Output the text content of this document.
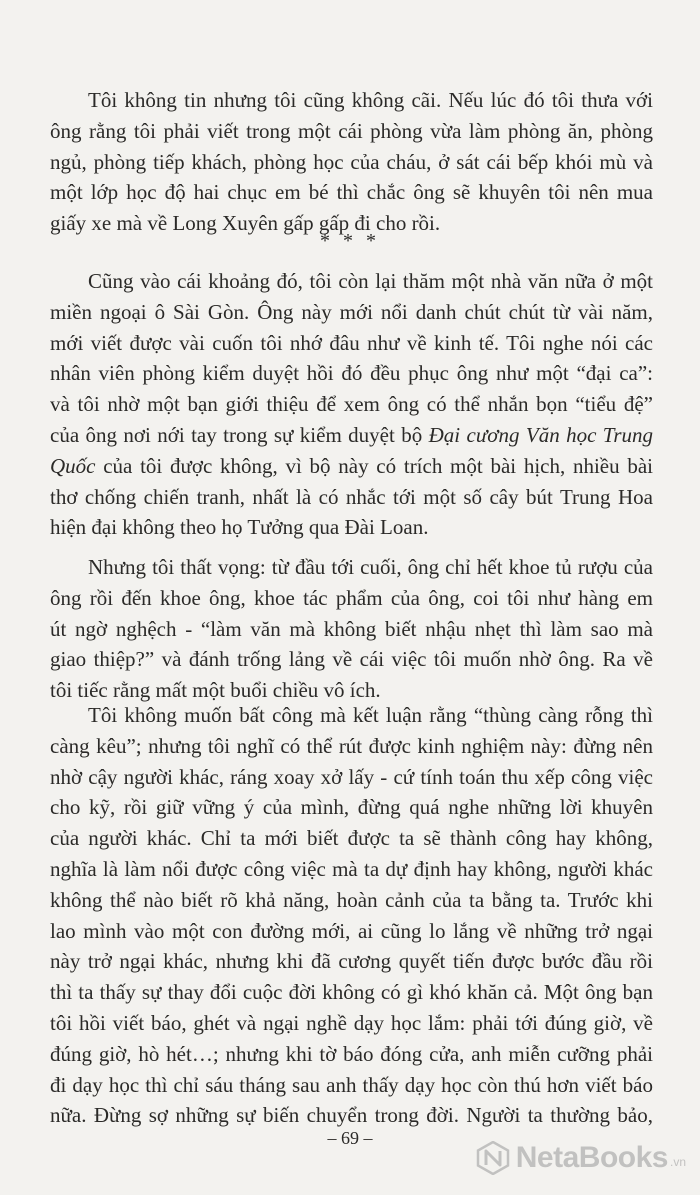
Tôi không tin nhưng tôi cũng không cãi. Nếu lúc đó tôi thưa với
ông rằng tôi phải viết trong một cái phòng vừa làm phòng ăn, phòng
ngủ, phòng tiếp khách, phòng học của cháu, ở sát cái bếp khói mù và
một lớp học độ hai chục em bé thì chắc ông sẽ khuyên tôi nên mua
giấy xe mà về Long Xuyên gấp gấp đi cho rồi.
* * *
Cũng vào cái khoảng đó, tôi còn lại thăm một nhà văn nữa ở một
miền ngoại ô Sài Gòn. Ông này mới nổi danh chút chút từ vài năm,
mới viết được vài cuốn tôi nhớ đâu như về kinh tế. Tôi nghe nói các
nhân viên phòng kiểm duyệt hồi đó đều phục ông như một “đại ca”:
và tôi nhờ một bạn giới thiệu để xem ông có thể nhắn bọn “tiểu đệ”
của ông nơi nới tay trong sự kiểm duyệt bộ Đại cương Văn học Trung
Quốc của tôi được không, vì bộ này có trích một bài hịch, nhiều bài
thơ chống chiến tranh, nhất là có nhắc tới một số cây bút Trung Hoa
hiện đại không theo họ Tưởng qua Đài Loan.
Nhưng tôi thất vọng: từ đầu tới cuối, ông chỉ hết khoe tủ rượu của
ông rồi đến khoe ông, khoe tác phẩm của ông, coi tôi như hàng em
út ngờ nghệch - “làm văn mà không biết nhậu nhẹt thì làm sao mà
giao thiệp?” và đánh trống lảng về cái việc tôi muốn nhờ ông. Ra về
tôi tiếc rằng mất một buổi chiều vô ích.
Tôi không muốn bất công mà kết luận rằng “thùng càng rỗng thì
càng kêu”; nhưng tôi nghĩ có thể rút được kinh nghiệm này: đừng nên
nhờ cậy người khác, ráng xoay xở lấy - cứ tính toán thu xếp công việc
cho kỹ, rồi giữ vững ý của mình, đừng quá nghe những lời khuyên
của người khác. Chỉ ta mới biết được ta sẽ thành công hay không,
nghĩa là làm nổi được công việc mà ta dự định hay không, người khác
không thể nào biết rõ khả năng, hoàn cảnh của ta bằng ta. Trước khi
lao mình vào một con đường mới, ai cũng lo lắng về những trở ngại
này trở ngại khác, nhưng khi đã cương quyết tiến được bước đầu rồi
thì ta thấy sự thay đổi cuộc đời không có gì khó khăn cả. Một ông bạn
tôi hồi viết báo, ghét và ngại nghề dạy học lắm: phải tới đúng giờ, về
đúng giờ, hò hét…; nhưng khi tờ báo đóng cửa, anh miễn cưỡng phải
đi dạy học thì chỉ sáu tháng sau anh thấy dạy học còn thú hơn viết báo
nữa. Đừng sợ những sự biến chuyển trong đời. Người ta thường bảo,
– 69 –
NetaBooks .vn
